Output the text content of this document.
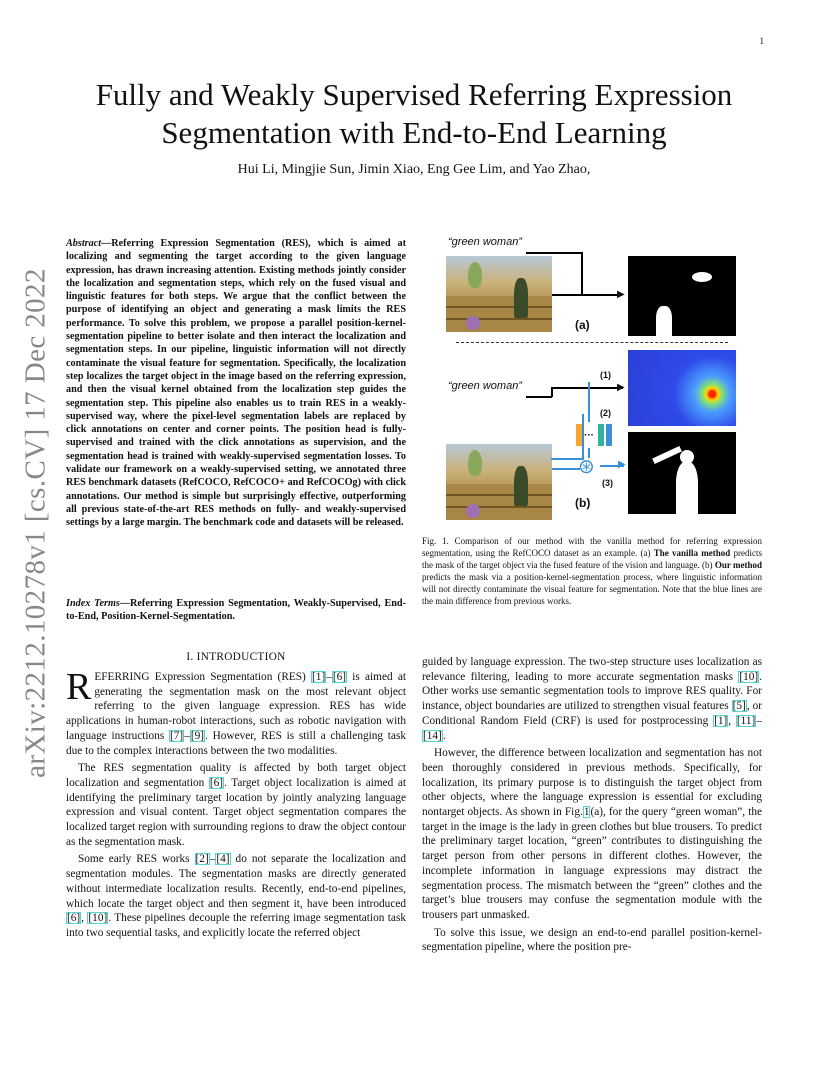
1
arXiv:2212.10278v1 [cs.CV] 17 Dec 2022
Fully and Weakly Supervised Referring Expression
Segmentation with End-to-End Learning
Hui Li, Mingjie Sun, Jimin Xiao, Eng Gee Lim, and Yao Zhao,
Abstract—Referring Expression Segmentation (RES), which is aimed at localizing and segmenting the target according to the given language expression, has drawn increasing attention. Existing methods jointly consider the localization and segmentation steps, which rely on the fused visual and linguistic features for both steps. We argue that the conflict between the purpose of identifying an object and generating a mask limits the RES performance. To solve this problem, we propose a parallel position-kernel-segmentation pipeline to better isolate and then interact the localization and segmentation steps. In our pipeline, linguistic information will not directly contaminate the visual feature for segmentation. Specifically, the localization step localizes the target object in the image based on the referring expression, and then the visual kernel obtained from the localization step guides the segmentation step. This pipeline also enables us to train RES in a weakly-supervised way, where the pixel-level segmentation labels are replaced by click annotations on center and corner points. The position head is fully-supervised and trained with the click annotations as supervision, and the segmentation head is trained with weakly-supervised segmentation losses. To validate our framework on a weakly-supervised setting, we annotated three RES benchmark datasets (RefCOCO, RefCOCO+ and RefCOCOg) with click annotations. Our method is simple but surprisingly effective, outperforming all previous state-of-the-art RES methods on fully- and weakly-supervised settings by a large margin. The benchmark code and datasets will be released.
Index Terms—Referring Expression Segmentation, Weakly-Supervised, End-to-End, Position-Kernel-Segmentation.
“green woman”
▶
(a)
“green woman”	▶
(1)
(2)
···
⊛ ▶
(3)
(b)
Fig. 1. Comparison of our method with the vanilla method for referring expression segmentation, using the RefCOCO dataset as an example. (a) The vanilla method predicts the mask of the target object via the fused feature of the vision and language. (b) Our method predicts the mask via a position-kernel-segmentation process, where linguistic information will not directly contaminate the visual feature for segmentation. Note that the blue lines are the main difference from previous works.
I. INTRODUCTION

REFERRING Expression Segmentation (RES) [1]–[6] is aimed at generating the segmentation mask on the most relevant object referring to the given language expression. RES has wide applications in human-robot interactions, such as robotic navigation with language instructions [7]–[9]. However, RES is still a challenging task due to the complex interactions between the two modalities.

The RES segmentation quality is affected by both target object localization and segmentation [6]. Target object localization is aimed at identifying the preliminary target location by jointly analyzing language expression and visual content. Target object segmentation compares the localized target region with surrounding regions to draw the object contour as the segmentation mask.

Some early RES works [2]–[4] do not separate the localization and segmentation modules. The segmentation masks are directly generated without intermediate localization results. Recently, end-to-end pipelines, which locate the target object and then segment it, have been introduced [6], [10]. These pipelines decouple the referring image segmentation task into two sequential tasks, and explicitly locate the referred object

guided by language expression. The two-step structure uses localization as relevance filtering, leading to more accurate segmentation masks [10]. Other works use semantic segmentation tools to improve RES quality. For instance, object boundaries are utilized to strengthen visual features [5], or Conditional Random Field (CRF) is used for postprocessing [1], [11]–[14].

However, the difference between localization and segmentation has not been thoroughly considered in previous methods. Specifically, for localization, its primary purpose is to distinguish the target object from other objects, where the language expression is essential for excluding nontarget objects. As shown in Fig.1(a), for the query “green woman”, the target in the image is the lady in green clothes but blue trousers. To predict the preliminary target location, “green” contributes to distinguishing the target person from other persons in different clothes. However, the incomplete information in language expressions may distract the segmentation process. The mismatch between the “green” clothes and the target’s blue trousers may confuse the segmentation module with the trousers part unmasked.

To solve this issue, we design an end-to-end parallel position-kernel-segmentation pipeline, where the position pre-
